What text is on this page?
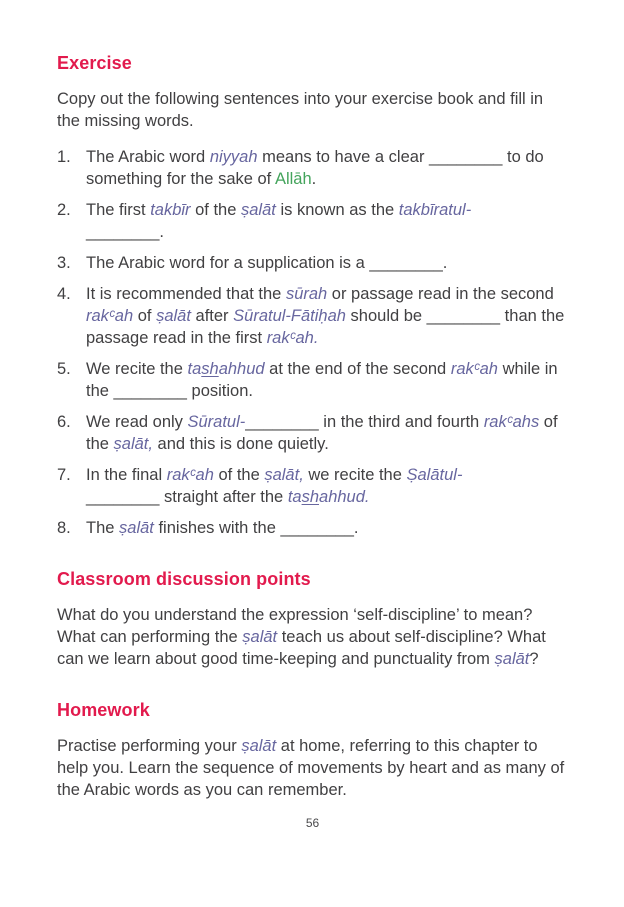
Exercise

Copy out the following sentences into your exercise book and fill in the missing words.

1. The Arabic word niyyah means to have a clear ________ to do something for the sake of Allāh.
2. The first takbīr of the ṣalāt is known as the takbīratul-
________.
3. The Arabic word for a supplication is a ________.
4. It is recommended that the sūrah or passage read in the second rakᶜah of ṣalāt after Sūratul-Fātiḥah should be ________ than the passage read in the first rakᶜah.
5. We recite the tashahhud at the end of the second rakᶜah while in the ________ position.
6. We read only Sūratul-________ in the third and fourth rakᶜahs of the ṣalāt, and this is done quietly.
7. In the final rakᶜah of the ṣalāt, we recite the Ṣalātul-
________ straight after the tashahhud.
8. The ṣalāt finishes with the ________.
Classroom discussion points

What do you understand the expression ‘self-discipline’ to mean? What can performing the ṣalāt teach us about self-discipline? What can we learn about good time-keeping and punctuality from ṣalāt?

Homework

Practise performing your ṣalāt at home, referring to this chapter to help you. Learn the sequence of movements by heart and as many of the Arabic words as you can remember.

56
